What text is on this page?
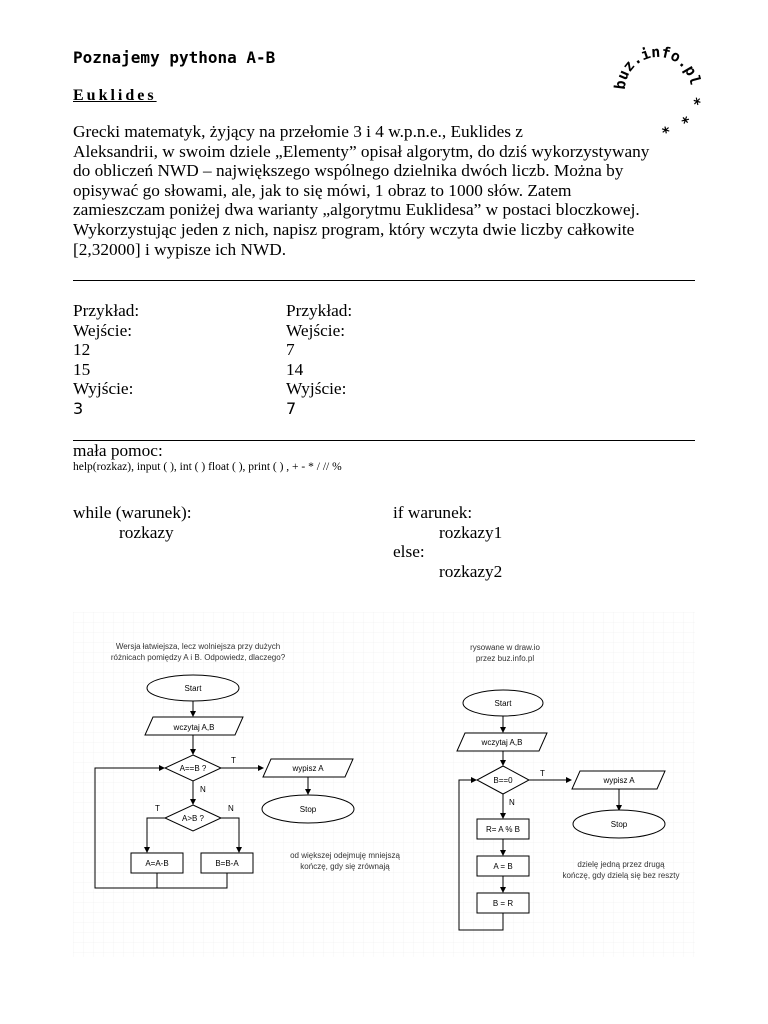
Poznajemy pythona A-B
Euklides
buz.info.pl * * *
Grecki matematyk, żyjący na przełomie 3 i 4 w.p.n.e., Euklides z
Aleksandrii, w swoim dziele „Elementy” opisał algorytm, do dziś wykorzystywany
do obliczeń NWD – największego wspólnego dzielnika dwóch liczb. Można by
opisywać go słowami, ale, jak to się mówi, 1 obraz to 1000 słów. Zatem
zamieszczam poniżej dwa warianty „algorytmu Euklidesa” w postaci bloczkowej.
Wykorzystując jeden z nich, napisz program, który wczyta dwie liczby całkowite
[2,32000] i wypisze ich NWD.
Przykład:
Wejście:
12
15
Wyjście:
3
Przykład:
Wejście:
7
14
Wyjście:
7
mała pomoc:
help(rozkaz), input ( ), int ( ) float ( ), print ( ) , + - * / // %
while (warunek):
rozkazy
if warunek:
rozkazy1
else:
rozkazy2
Wersja łatwiejsza, lecz wolniejsza przy dużych
różnicach pomiędzy A i B. Odpowiedz, dlaczego?
Start
wczytaj A,B
A==B ?
T
N
wypisz A
Stop
A>B ?
T	N
A=A-B	B=B-A
od większej odejmuję mniejszą
kończę, gdy się zrównają
rysowane w draw.io
przez buz.info.pl
Start
wczytaj A,B
B==0
T
N
wypisz A
Stop
R= A % B
A = B
B = R
dzielę jedną przez drugą
kończę, gdy dzielą się bez reszty
